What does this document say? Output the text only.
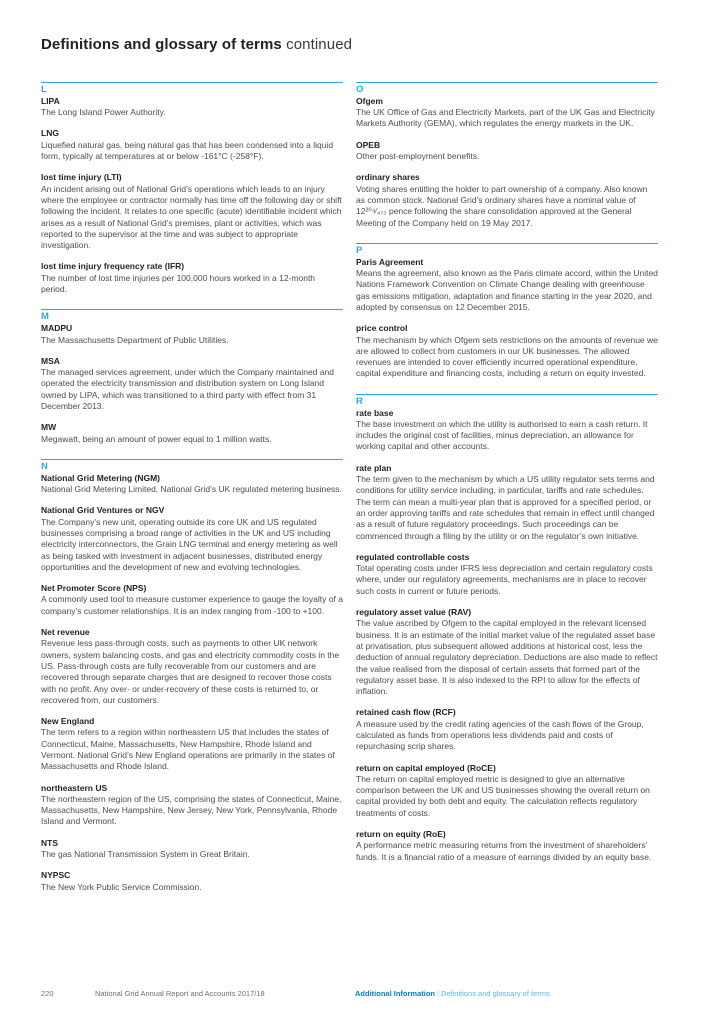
Definitions and glossary of terms continued
L
LIPA
The Long Island Power Authority.
LNG
Liquefied natural gas, being natural gas that has been condensed into a liquid form, typically at temperatures at or below -161°C (-258°F).
lost time injury (LTI)
An incident arising out of National Grid’s operations which leads to an injury where the employee or contractor normally has time off the following day or shift following the incident. It relates to one specific (acute) identifiable incident which arises as a result of National Grid’s premises, plant or activities, which was reported to the supervisor at the time and was subject to appropriate investigation.
lost time injury frequency rate (IFR)
The number of lost time injuries per 100,000 hours worked in a 12-month period.
M
MADPU
The Massachusetts Department of Public Utilities.
MSA
The managed services agreement, under which the Company maintained and operated the electricity transmission and distribution system on Long Island owned by LIPA, which was transitioned to a third party with effect from 31 December 2013.
MW
Megawatt, being an amount of power equal to 1 million watts.
N
National Grid Metering (NGM)
National Grid Metering Limited, National Grid’s UK regulated metering business.
National Grid Ventures or NGV
The Company’s new unit, operating outside its core UK and US regulated businesses comprising a broad range of activities in the UK and US including electricity interconnectors, the Grain LNG terminal and energy metering as well as being tasked with investment in adjacent businesses, distributed energy opportunities and the development of new and evolving technologies.
Net Promoter Score (NPS)
A commonly used tool to measure customer experience to gauge the loyalty of a company’s customer relationships. It is an index ranging from -100 to +100.
Net revenue
Revenue less pass-through costs, such as payments to other UK network owners, system balancing costs, and gas and electricity commodity costs in the US. Pass-through costs are fully recoverable from our customers and are recovered through separate charges that are designed to recover those costs with no profit. Any over- or under-recovery of these costs is returned to, or recovered from, our customers.
New England
The term refers to a region within northeastern US that includes the states of Connecticut, Maine, Massachusetts, New Hampshire, Rhode Island and Vermont. National Grid’s New England operations are primarily in the states of Massachusetts and Rhode Island.
northeastern US
The northeastern region of the US, comprising the states of Connecticut, Maine, Massachusetts, New Hampshire, New Jersey, New York, Pennsylvania, Rhode Island and Vermont.
NTS
The gas National Transmission System in Great Britain.
NYPSC
The New York Public Service Commission.
O
Ofgem
The UK Office of Gas and Electricity Markets, part of the UK Gas and Electricity Markets Authority (GEMA), which regulates the energy markets in the UK.
OPEB
Other post-employment benefits.
ordinary shares
Voting shares entitling the holder to part ownership of a company. Also known as common stock. National Grid’s ordinary shares have a nominal value of 12²⁰⁴⁄₄₇₃ pence following the share consolidation approved at the General Meeting of the Company held on 19 May 2017.
P
Paris Agreement
Means the agreement, also known as the Paris climate accord, within the United Nations Framework Convention on Climate Change dealing with greenhouse gas emissions mitigation, adaptation and finance starting in the year 2020, and adopted by consensus on 12 December 2015.
price control
The mechanism by which Ofgem sets restrictions on the amounts of revenue we are allowed to collect from customers in our UK businesses. The allowed revenues are intended to cover efficiently incurred operational expenditure, capital expenditure and financing costs, including a return on equity invested.
R
rate base
The base investment on which the utility is authorised to earn a cash return. It includes the original cost of facilities, minus depreciation, an allowance for working capital and other accounts.
rate plan
The term given to the mechanism by which a US utility regulator sets terms and conditions for utility service including, in particular, tariffs and rate schedules. The term can mean a multi-year plan that is approved for a specified period, or an order approving tariffs and rate schedules that remain in effect until changed as a result of future regulatory proceedings. Such proceedings can be commenced through a filing by the utility or on the regulator’s own initiative.
regulated controllable costs
Total operating costs under IFRS less depreciation and certain regulatory costs where, under our regulatory agreements, mechanisms are in place to recover such costs in current or future periods.
regulatory asset value (RAV)
The value ascribed by Ofgem to the capital employed in the relevant licensed business. It is an estimate of the initial market value of the regulated asset base at privatisation, plus subsequent allowed additions at historical cost, less the deduction of annual regulatory depreciation. Deductions are also made to reflect the value realised from the disposal of certain assets that formed part of the regulatory asset base. It is also indexed to the RPI to allow for the effects of inflation.
retained cash flow (RCF)
A measure used by the credit rating agencies of the cash flows of the Group, calculated as funds from operations less dividends paid and costs of repurchasing scrip shares.
return on capital employed (RoCE)
The return on capital employed metric is designed to give an alternative comparison between the UK and US businesses showing the overall return on capital provided by both debt and equity. The calculation reflects regulatory treatments of costs.
return on equity (RoE)
A performance metric measuring returns from the investment of shareholders’ funds. It is a financial ratio of a measure of earnings divided by an equity base.
220	National Grid Annual Report and Accounts 2017/18	Additional Information | Definitions and glossary of terms
